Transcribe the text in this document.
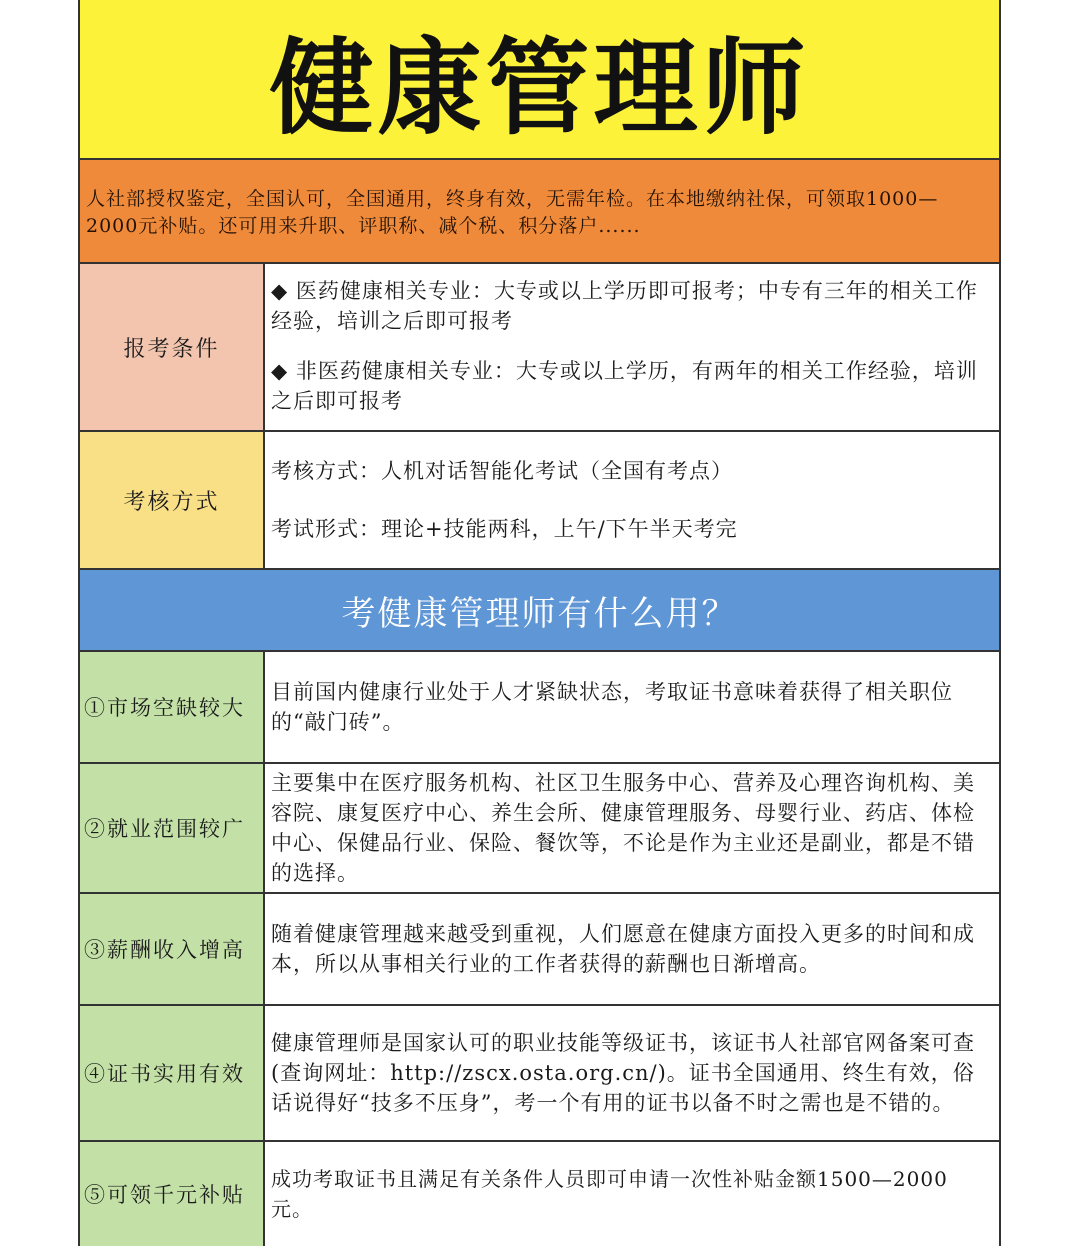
健康管理师

人社部授权鉴定，全国认可，全国通用，终身有效，无需年检。在本地缴纳社保，可领取1000—2000元补贴。还可用来升职、评职称、减个税、积分落户......

报考条件

◆ 医药健康相关专业：大专或以上学历即可报考；中专有三年的相关工作经验，培训之后即可报考

◆ 非医药健康相关专业：大专或以上学历，有两年的相关工作经验，培训之后即可报考

考核方式

考核方式：人机对话智能化考试（全国有考点）

考试形式：理论+技能两科，上午/下午半天考完

考健康管理师有什么用？
①市场空缺较大

目前国内健康行业处于人才紧缺状态，考取证书意味着获得了相关职位的“敲门砖”。

②就业范围较广

主要集中在医疗服务机构、社区卫生服务中心、营养及心理咨询机构、美容院、康复医疗中心、养生会所、健康管理服务、母婴行业、药店、体检中心、保健品行业、保险、餐饮等，不论是作为主业还是副业，都是不错的选择。

③薪酬收入增高

随着健康管理越来越受到重视，人们愿意在健康方面投入更多的时间和成本，所以从事相关行业的工作者获得的薪酬也日渐增高。

④证书实用有效

健康管理师是国家认可的职业技能等级证书，该证书人社部官网备案可查(查询网址：http://zscx.osta.org.cn/)。证书全国通用、终生有效，俗话说得好“技多不压身”，考一个有用的证书以备不时之需也是不错的。

⑤可领千元补贴

成功考取证书且满足有关条件人员即可申请一次性补贴金额1500—2000元。
